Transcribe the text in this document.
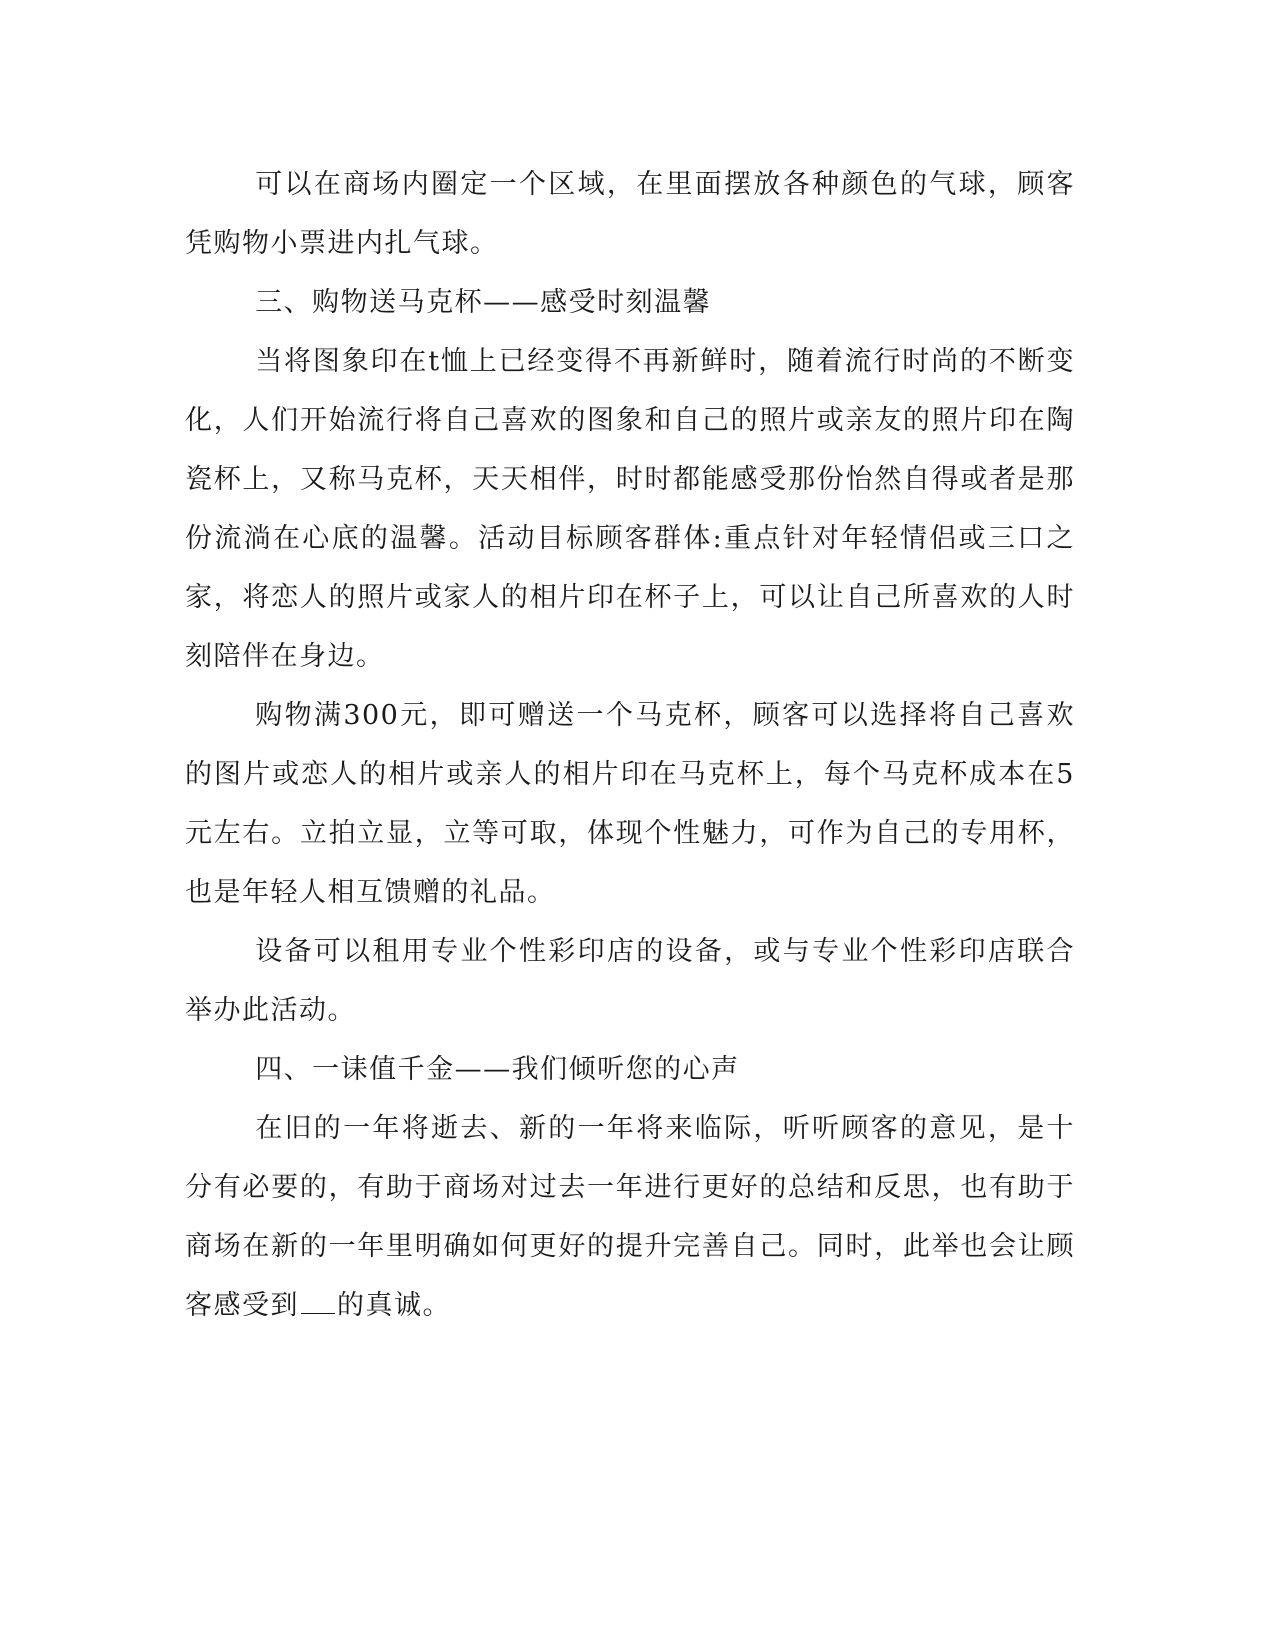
可以在商场内圈定一个区域，在里面摆放各种颜色的气球，顾客凭购物小票进内扎气球。

三、购物送马克杯——感受时刻温馨

当将图象印在t恤上已经变得不再新鲜时，随着流行时尚的不断变化，人们开始流行将自己喜欢的图象和自己的照片或亲友的照片印在陶瓷杯上，又称马克杯，天天相伴，时时都能感受那份怡然自得或者是那份流淌在心底的温馨。活动目标顾客群体:重点针对年轻情侣或三口之家，将恋人的照片或家人的相片印在杯子上，可以让自己所喜欢的人时刻陪伴在身边。

购物满300元，即可赠送一个马克杯，顾客可以选择将自己喜欢的图片或恋人的相片或亲人的相片印在马克杯上，每个马克杯成本在5元左右。立拍立显，立等可取，体现个性魅力，可作为自己的专用杯，也是年轻人相互馈赠的礼品。

设备可以租用专业个性彩印店的设备，或与专业个性彩印店联合举办此活动。

四、一诔值千金——我们倾听您的心声

在旧的一年将逝去、新的一年将来临际，听听顾客的意见，是十分有必要的，有助于商场对过去一年进行更好的总结和反思，也有助于商场在新的一年里明确如何更好的提升完善自己。同时，此举也会让顾客感受到 的真诚。
